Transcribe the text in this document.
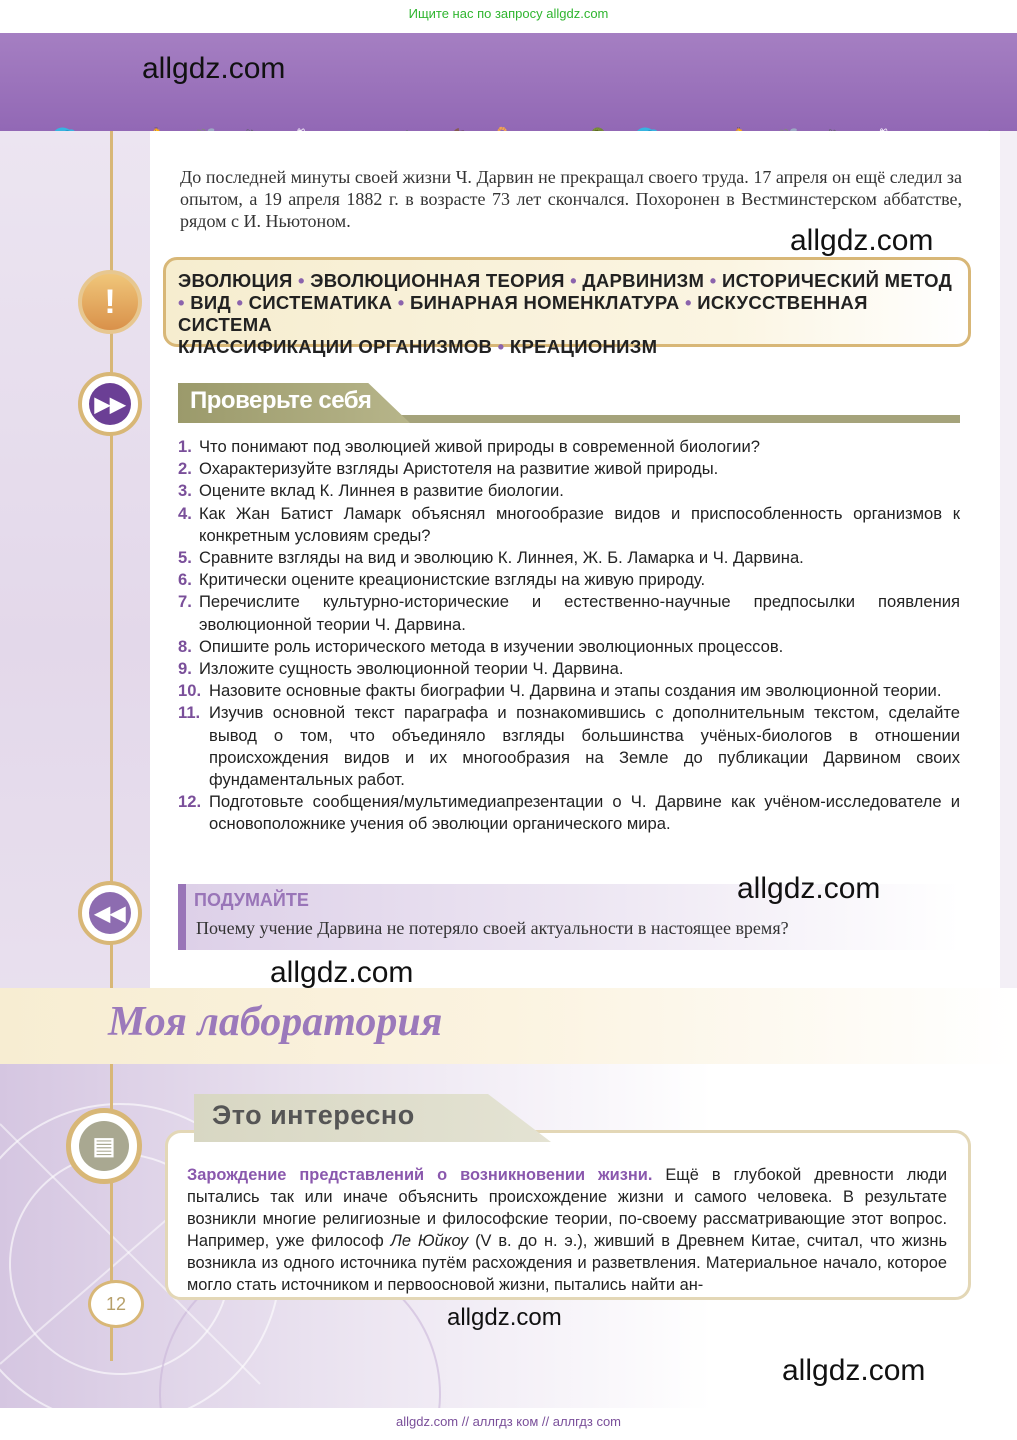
Ищите нас по запросу allgdz.com
allgdz.com
До последней минуты своей жизни Ч. Дарвин не прекращал своего труда. 17 апреля он ещё следил за опытом, а 19 апреля 1882 г. в возрасте 73 лет скончался. Похоронен в Вестминстерском аббатстве, рядом с И. Ньютоном.
allgdz.com
!
ЭВОЛЮЦИЯ • ЭВОЛЮЦИОННАЯ ТЕОРИЯ • ДАРВИНИЗМ • ИСТОРИЧЕСКИЙ МЕТОД
• ВИД • СИСТЕМАТИКА • БИНАРНАЯ НОМЕНКЛАТУРА • ИСКУССТВЕННАЯ СИСТЕМА
КЛАССИФИКАЦИИ ОРГАНИЗМОВ • КРЕАЦИОНИЗМ
▶▶	Проверьте себя
1. Что понимают под эволюцией живой природы в современной биологии?
2. Охарактеризуйте взгляды Аристотеля на развитие живой природы.
3. Оцените вклад К. Линнея в развитие биологии.
4. Как Жан Батист Ламарк объяснял многообразие видов и приспособленность организмов к конкретным условиям среды?
5. Сравните взгляды на вид и эволюцию К. Линнея, Ж. Б. Ламарка и Ч. Дарвина.
6. Критически оцените креационистские взгляды на живую природу.
7. Перечислите культурно-исторические и естественно-научные предпосылки появления эволюционной теории Ч. Дарвина.
8. Опишите роль исторического метода в изучении эволюционных процессов.
9. Изложите сущность эволюционной теории Ч. Дарвина.
10. Назовите основные факты биографии Ч. Дарвина и этапы создания им эволюционной теории.
11. Изучив основной текст параграфа и познакомившись с дополнительным текстом, сделайте вывод о том, что объединяло взгляды большинства учёных-биологов в отношении происхождения видов и их многообразия на Земле до публикации Дарвином своих фундаментальных работ.
12. Подготовьте сообщения/мультимедиапрезентации о Ч. Дарвине как учёном-исследователе и основоположнике учения об эволюции органического мира.
◀◀
ПОДУМАЙТЕ
Почему учение Дарвина не потеряло своей актуальности в настоящее время?
allgdz.com
allgdz.com
Моя лаборатория
▤
Это интересно
Зарождение представлений о возникновении жизни. Ещё в глубокой древности люди пытались так или иначе объяснить происхождение жизни и самого человека. В результате возникли многие религиозные и философские теории, по-своему рассматривающие этот вопрос. Например, уже философ Ле Юйкоу (V в. до н. э.), живший в Древнем Китае, считал, что жизнь возникла из одного источника путём расхождения и разветвления. Материальное начало, которое могло стать источником и первоосновой жизни, пытались найти ан-
12
allgdz.com
allgdz.com
allgdz.com // аллгдз ком // аллгдз com
